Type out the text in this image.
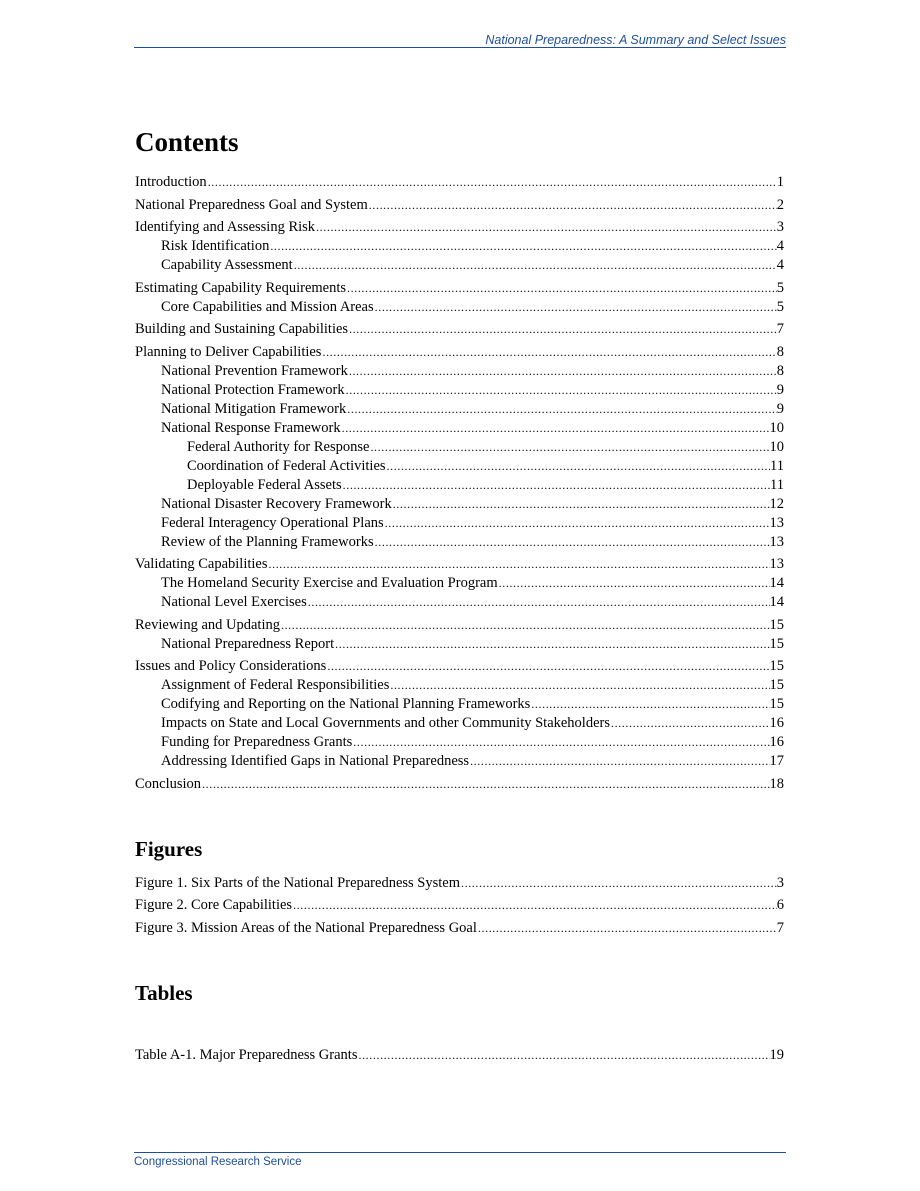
National Preparedness: A Summary and Select Issues
Contents
Introduction . . .	1
National Preparedness Goal and System . . .	2
Identifying and Assessing Risk . . .	3
Risk Identification . . .	4
Capability Assessment . . .	4
Estimating Capability Requirements . . .	5
Core Capabilities and Mission Areas . . .	5
Building and Sustaining Capabilities . . .	7
Planning to Deliver Capabilities . . .	8
National Prevention Framework . . .	8
National Protection Framework . . .	9
National Mitigation Framework . . .	9
National Response Framework . . .	10
Federal Authority for Response . . .	10
Coordination of Federal Activities . . .	11
Deployable Federal Assets . . .	11
National Disaster Recovery Framework . . .	12
Federal Interagency Operational Plans . . .	13
Review of the Planning Frameworks . . .	13
Validating Capabilities . . .	13
The Homeland Security Exercise and Evaluation Program . . .	14
National Level Exercises . . .	14
Reviewing and Updating . . .	15
National Preparedness Report . . .	15
Issues and Policy Considerations . . .	15
Assignment of Federal Responsibilities . . .	15
Codifying and Reporting on the National Planning Frameworks . . .	15
Impacts on State and Local Governments and other Community Stakeholders . . .	16
Funding for Preparedness Grants . . .	16
Addressing Identified Gaps in National Preparedness . . .	17
Conclusion . . .	18
Figures
Figure 1. Six Parts of the National Preparedness System . . .	3
Figure 2. Core Capabilities . . .	6
Figure 3. Mission Areas of the National Preparedness Goal . . .	7
Tables
Table A-1. Major Preparedness Grants . . .	19
Congressional Research Service
